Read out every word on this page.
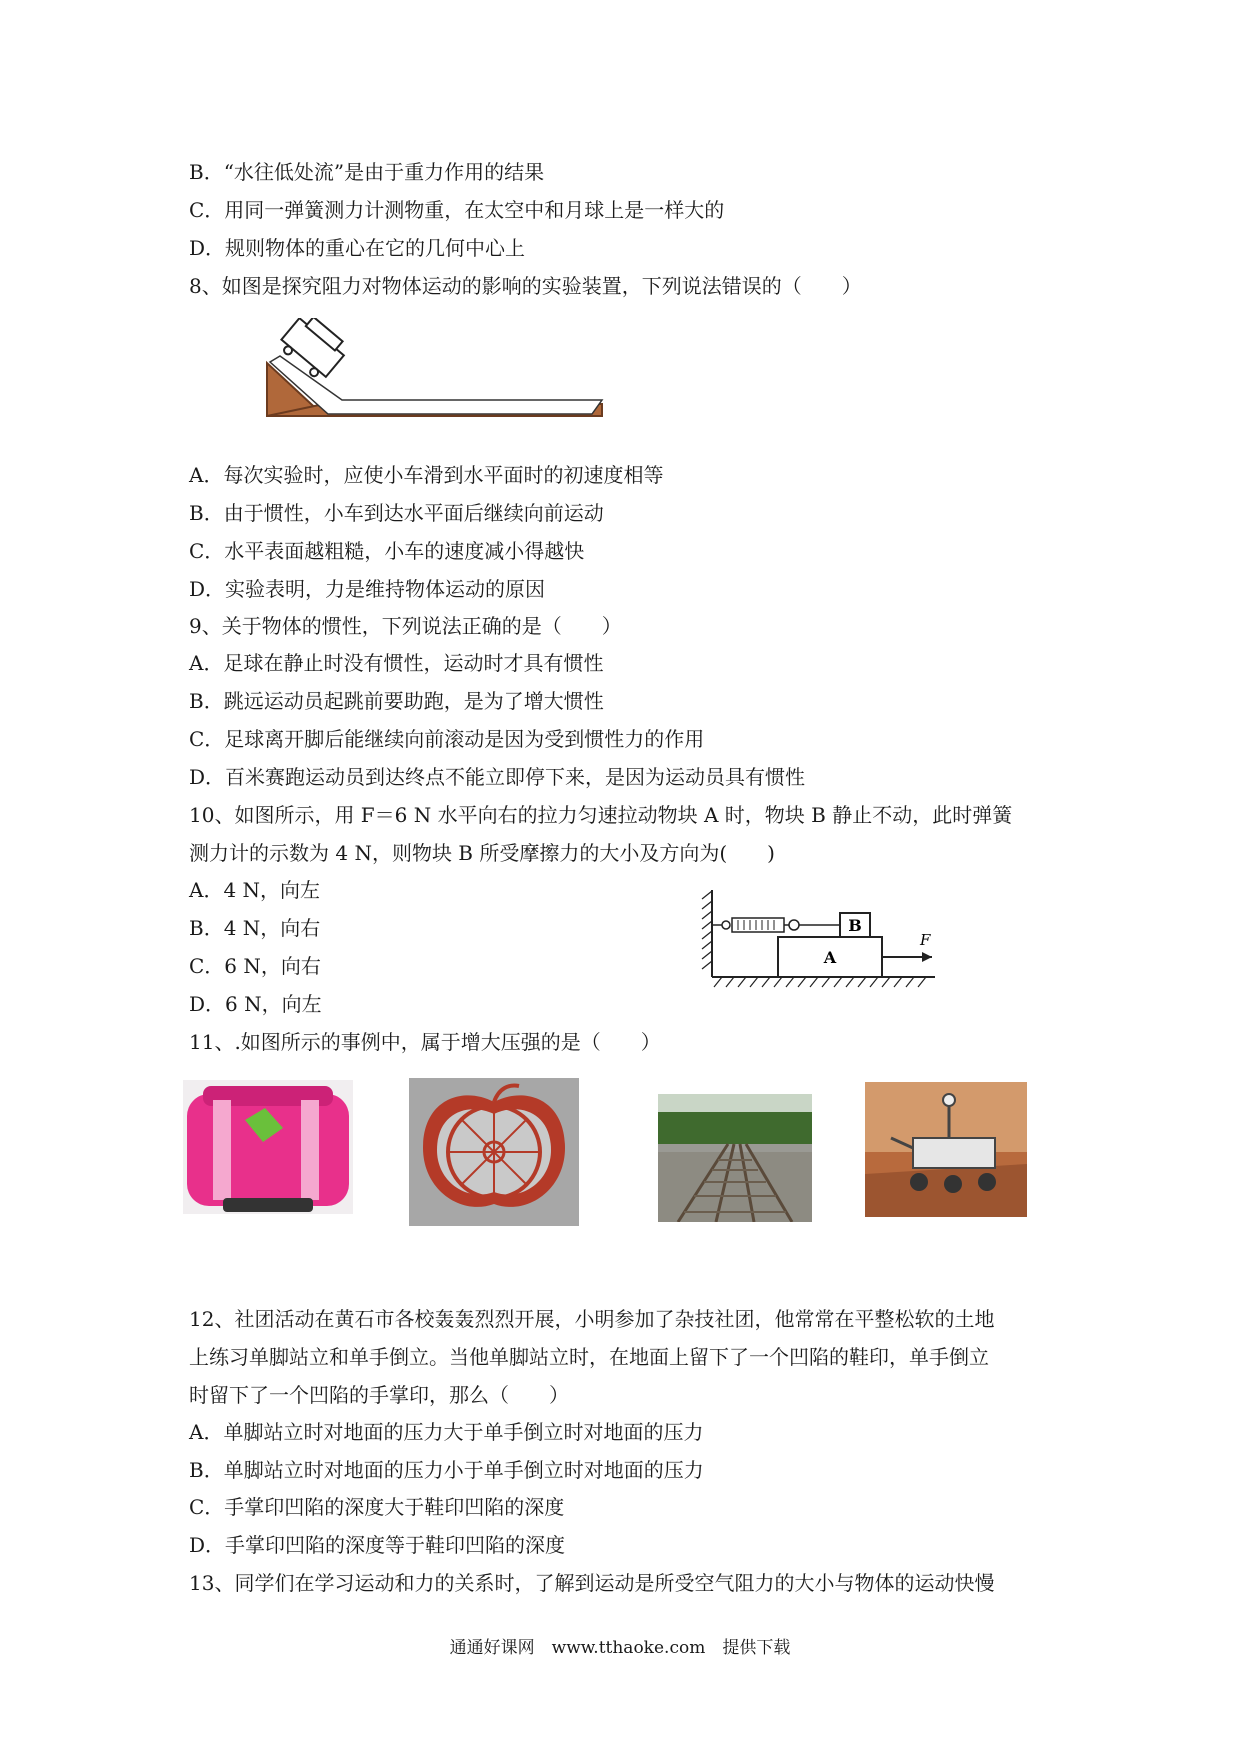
B．“水往低处流”是由于重力作用的结果
C．用同一弹簧测力计测物重，在太空中和月球上是一样大的
D．规则物体的重心在它的几何中心上
8、如图是探究阻力对物体运动的影响的实验装置，下列说法错误的（　　）
A．每次实验时，应使小车滑到水平面时的初速度相等
B．由于惯性，小车到达水平面后继续向前运动
C．水平表面越粗糙，小车的速度减小得越快
D．实验表明，力是维持物体运动的原因
9、关于物体的惯性，下列说法正确的是（　　）
A．足球在静止时没有惯性，运动时才具有惯性
B．跳远运动员起跳前要助跑，是为了增大惯性
C．足球离开脚后能继续向前滚动是因为受到惯性力的作用
D．百米赛跑运动员到达终点不能立即停下来，是因为运动员具有惯性
10、如图所示，用 F＝6 N 水平向右的拉力匀速拉动物块 A 时，物块 B 静止不动，此时弹簧
测力计的示数为 4 N，则物块 B 所受摩擦力的大小及方向为(　　)
A．4 N，向左
B．4 N，向右
C．6 N，向右
D．6 N，向左
B
A
F
11、.如图所示的事例中，属于增大压强的是（　　）
12、社团活动在黄石市各校轰轰烈烈开展，小明参加了杂技社团，他常常在平整松软的土地
上练习单脚站立和单手倒立。当他单脚站立时，在地面上留下了一个凹陷的鞋印，单手倒立
时留下了一个凹陷的手掌印，那么（　　）
A．单脚站立时对地面的压力大于单手倒立时对地面的压力
B．单脚站立时对地面的压力小于单手倒立时对地面的压力
C．手掌印凹陷的深度大于鞋印凹陷的深度
D．手掌印凹陷的深度等于鞋印凹陷的深度
13、同学们在学习运动和力的关系时，了解到运动是所受空气阻力的大小与物体的运动快慢
通通好课网　www.tthaoke.com　提供下载
